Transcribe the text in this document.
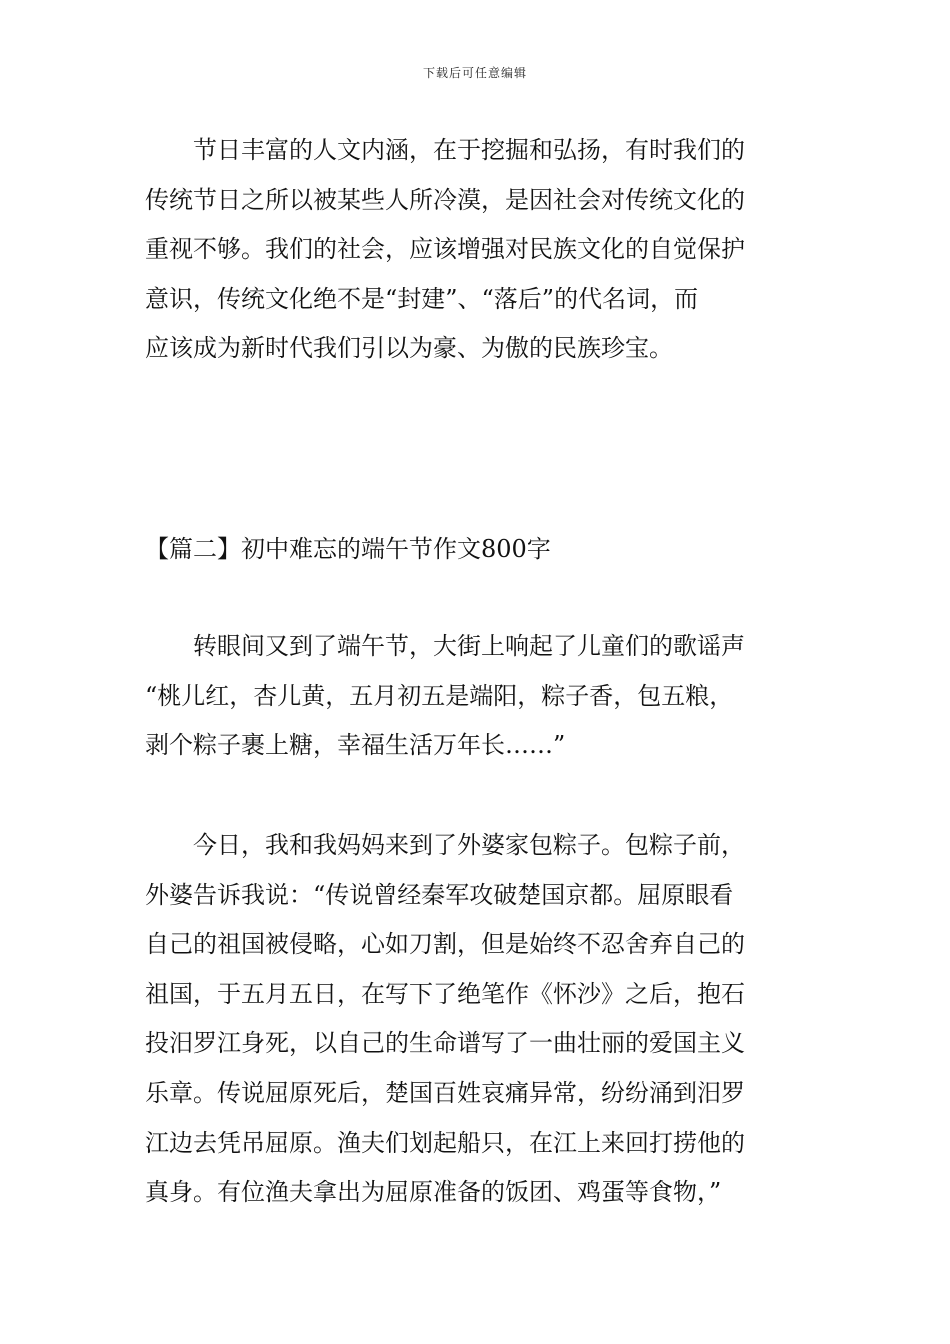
下载后可任意编辑
节日丰富的人文内涵，在于挖掘和弘扬，有时我们的
传统节日之所以被某些人所冷漠，是因社会对传统文化的
重视不够。我们的社会，应该增强对民族文化的自觉保护
意识，传统文化绝不是“封建”、“落后”的代名词，而
应该成为新时代我们引以为豪、为傲的民族珍宝。
【篇二】初中难忘的端午节作文800字
转眼间又到了端午节，大街上响起了儿童们的歌谣声
“桃儿红，杏儿黄，五月初五是端阳，粽子香，包五粮，
剥个粽子裹上糖，幸福生活万年长……”
今日，我和我妈妈来到了外婆家包粽子。包粽子前，
外婆告诉我说：“传说曾经秦军攻破楚国京都。屈原眼看
自己的祖国被侵略，心如刀割，但是始终不忍舍弃自己的
祖国，于五月五日，在写下了绝笔作《怀沙》之后，抱石
投汨罗江身死，以自己的生命谱写了一曲壮丽的爱国主义
乐章。传说屈原死后，楚国百姓哀痛异常，纷纷涌到汨罗
江边去凭吊屈原。渔夫们划起船只，在江上来回打捞他的
真身。有位渔夫拿出为屈原准备的饭团、鸡蛋等食物，”
